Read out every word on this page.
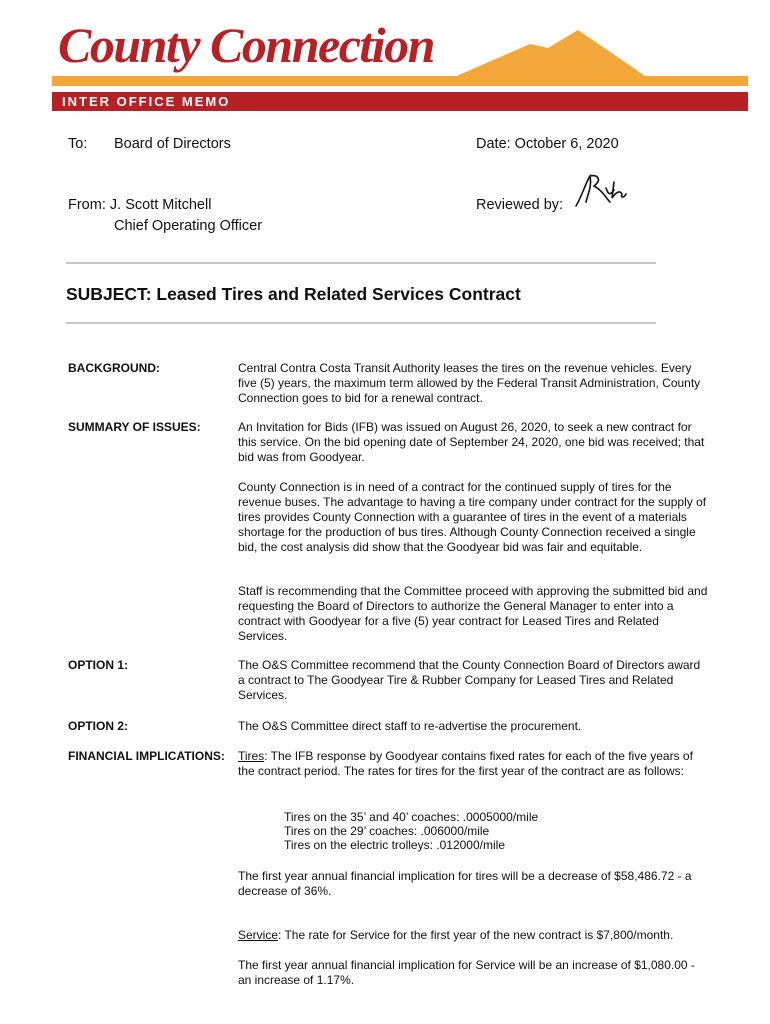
County Connection
INTER OFFICE MEMO
To: Board of Directors	Date: October 6, 2020
From: J. Scott Mitchell
Chief Operating Officer
Reviewed by:
SUBJECT: Leased Tires and Related Services Contract
BACKGROUND:	Central Contra Costa Transit Authority leases the tires on the revenue vehicles. Every five (5) years, the maximum term allowed by the Federal Transit Administration, County Connection goes to bid for a renewal contract.
SUMMARY OF ISSUES:	An Invitation for Bids (IFB) was issued on August 26, 2020, to seek a new contract for this service. On the bid opening date of September 24, 2020, one bid was received; that bid was from Goodyear.
County Connection is in need of a contract for the continued supply of tires for the revenue buses. The advantage to having a tire company under contract for the supply of tires provides County Connection with a guarantee of tires in the event of a materials shortage for the production of bus tires. Although County Connection received a single bid, the cost analysis did show that the Goodyear bid was fair and equitable.
Staff is recommending that the Committee proceed with approving the submitted bid and requesting the Board of Directors to authorize the General Manager to enter into a contract with Goodyear for a five (5) year contract for Leased Tires and Related Services.
OPTION 1:	The O&S Committee recommend that the County Connection Board of Directors award a contract to The Goodyear Tire & Rubber Company for Leased Tires and Related Services.
OPTION 2:	The O&S Committee direct staff to re-advertise the procurement.
FINANCIAL IMPLICATIONS: Tires: The IFB response by Goodyear contains fixed rates for each of the five years of the contract period. The rates for tires for the first year of the contract are as follows:
Tires on the 35’ and 40’ coaches: .0005000/mile
Tires on the 29’ coaches: .006000/mile
Tires on the electric trolleys: .012000/mile
The first year annual financial implication for tires will be a decrease of $58,486.72 - a decrease of 36%.
Service: The rate for Service for the first year of the new contract is $7,800/month.
The first year annual financial implication for Service will be an increase of $1,080.00 - an increase of 1.17%.
